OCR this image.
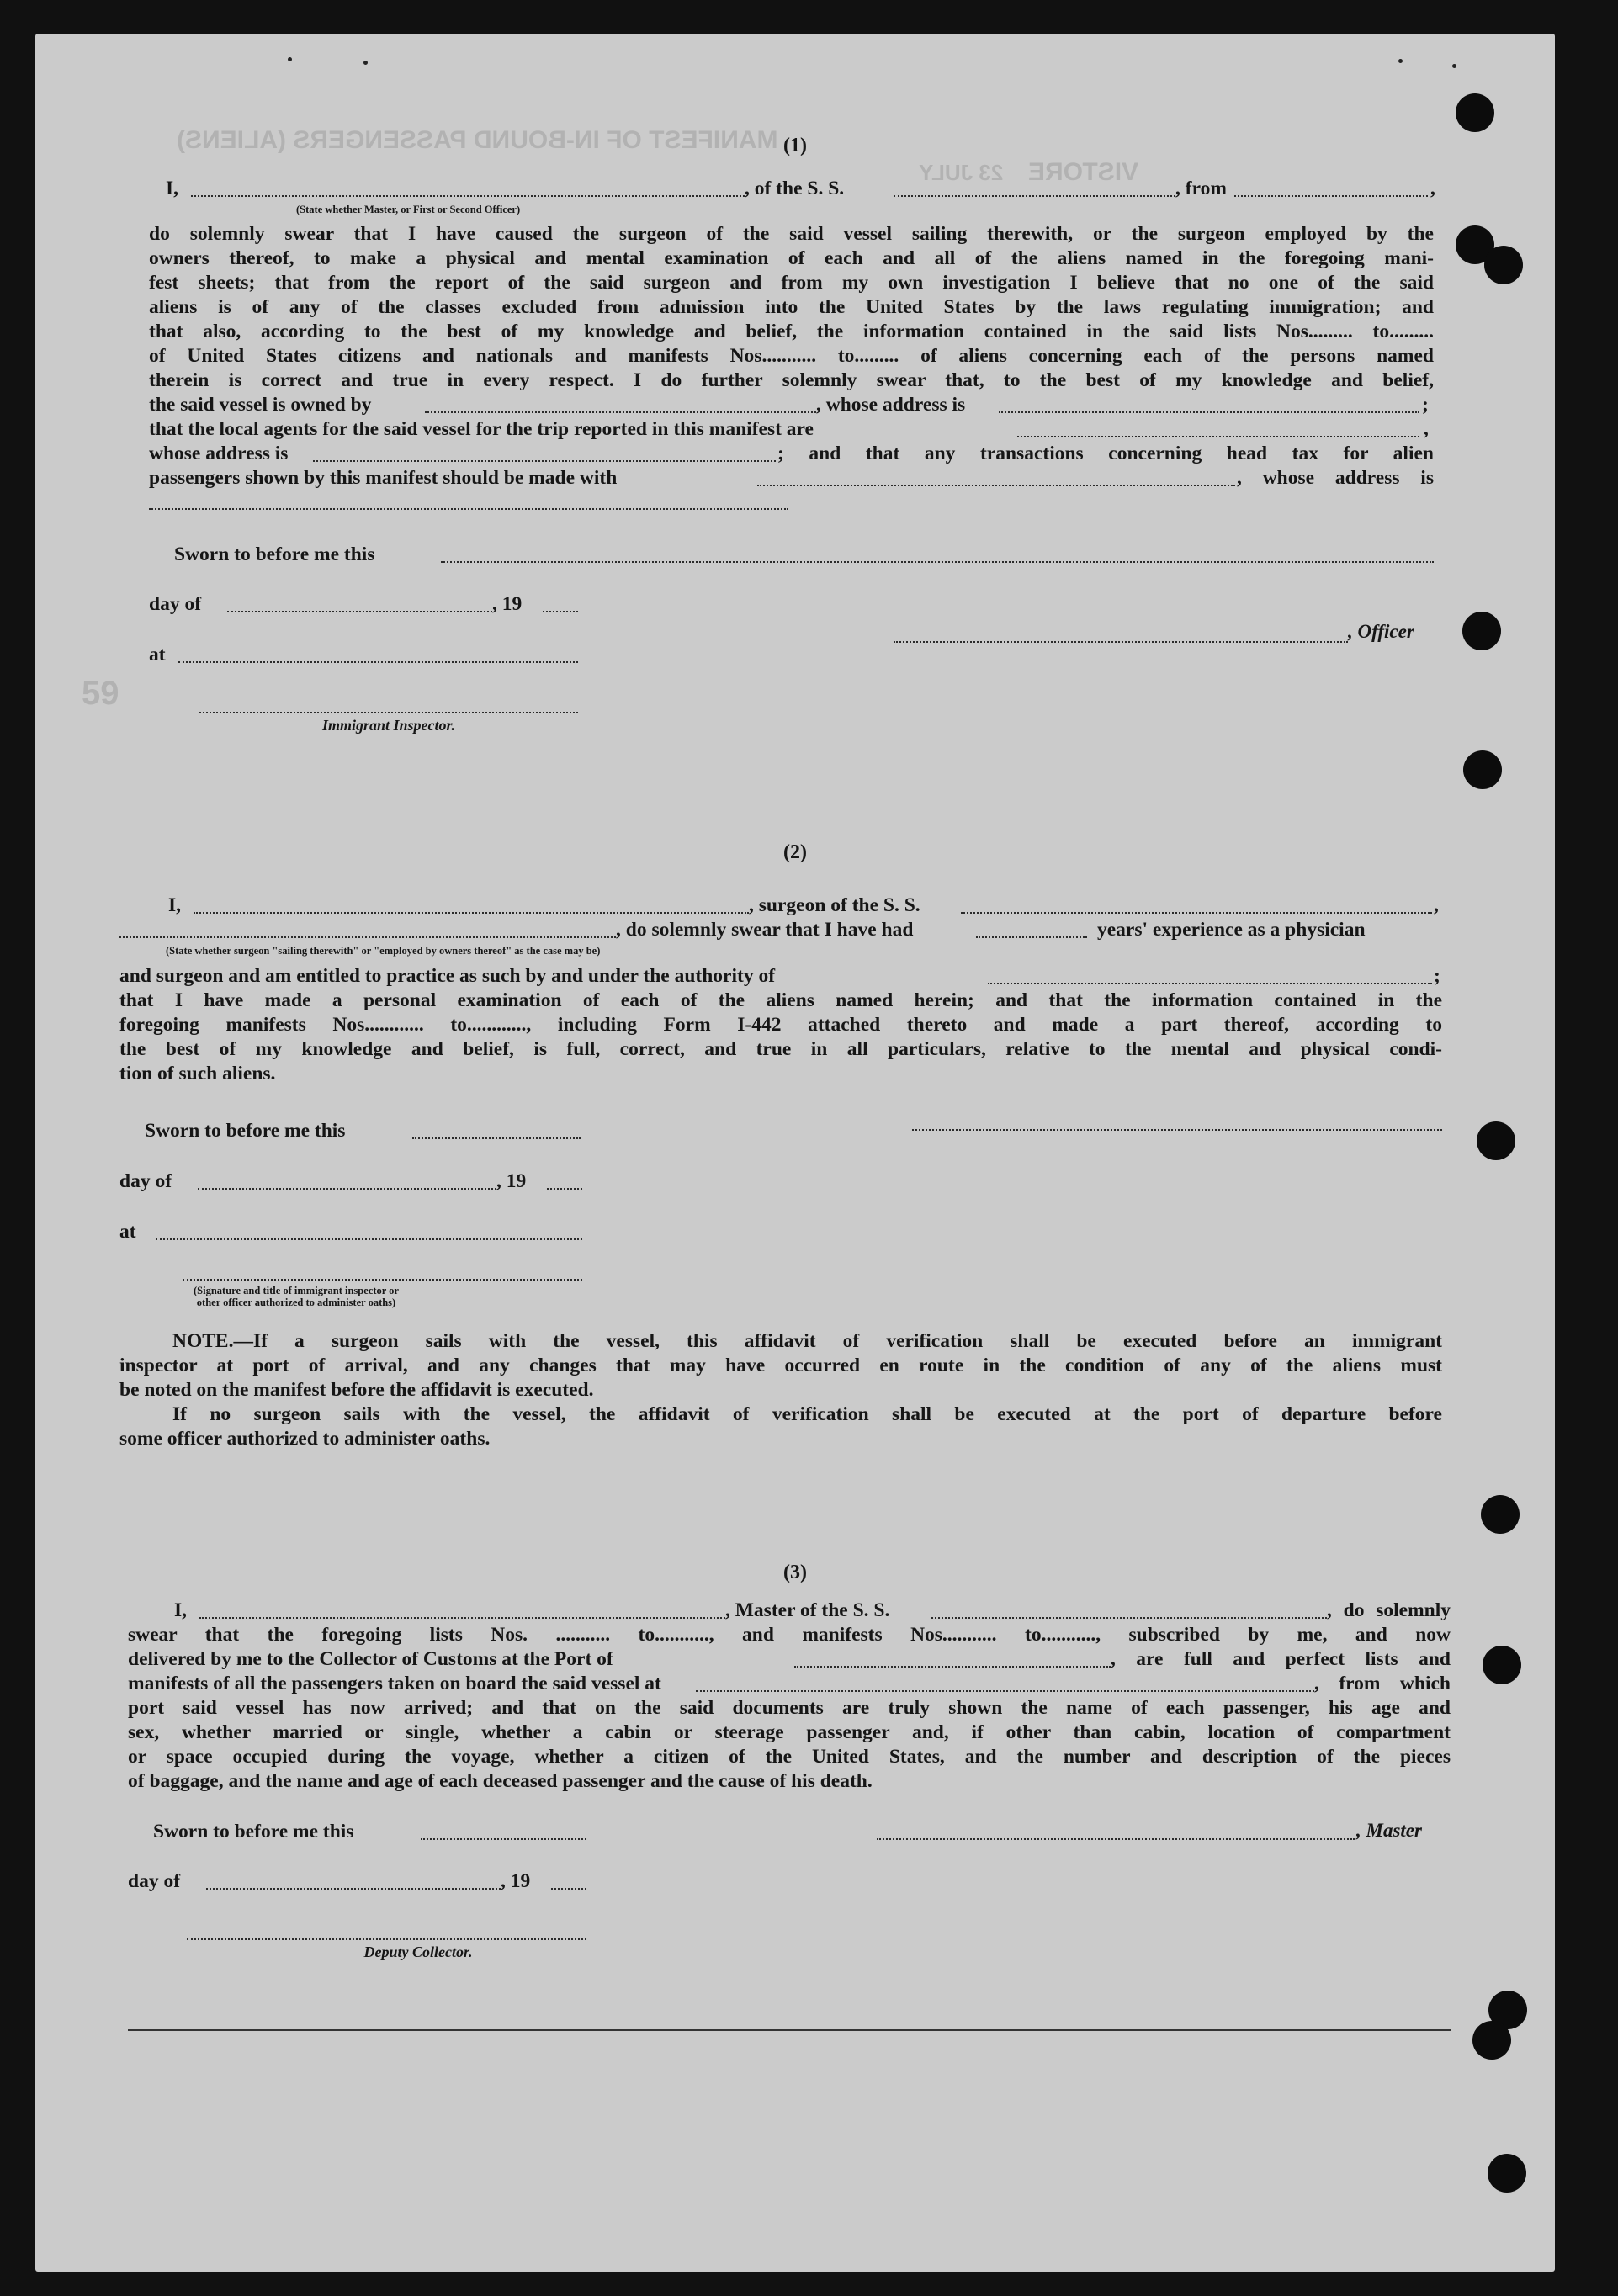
MANIFEST OF IN-BOUND PASSENGERS (ALIENS)
23 JULY VISTORE
59
(1)
I,	, of the S. S.	, from	,
(State whether Master, or First or Second Officer)
do solemnly swear that I have caused the surgeon of the said vessel sailing therewith, or the surgeon employed by the
owners thereof, to make a physical and mental examination of each and all of the aliens named in the foregoing mani-
fest sheets; that from the report of the said surgeon and from my own investigation I believe that no one of the said
aliens is of any of the classes excluded from admission into the United States by the laws regulating immigration; and
that also, according to the best of my knowledge and belief, the information contained in the said lists Nos......... to.........
of United States citizens and nationals and manifests Nos........... to......... of aliens concerning each of the persons named
therein is correct and true in every respect. I do further solemnly swear that, to the best of my knowledge and belief,
the said vessel is owned by	, whose address is	;
that the local agents for the said vessel for the trip reported in this manifest are	,
whose address is	; and that any transactions concerning head tax for alien
passengers shown by this manifest should be made with	, whose address is
Sworn to before me this
day of	, 19
, Officer
at
Immigrant Inspector.
(2)
I,	, surgeon of the S. S.	,
, do solemnly swear that I have had	years' experience as a physician
(State whether surgeon "sailing therewith" or "employed by owners thereof" as the case may be)
and surgeon and am entitled to practice as such by and under the authority of	;
that I have made a personal examination of each of the aliens named herein; and that the information contained in the
foregoing manifests Nos............ to............, including Form I-442 attached thereto and made a part thereof, according to
the best of my knowledge and belief, is full, correct, and true in all particulars, relative to the mental and physical condi-
tion of such aliens.
Sworn to before me this
day of	, 19
at
(Signature and title of immigrant inspector or other officer authorized to administer oaths)
NOTE.—If a surgeon sails with the vessel, this affidavit of verification shall be executed before an immigrant
inspector at port of arrival, and any changes that may have occurred en route in the condition of any of the aliens must
be noted on the manifest before the affidavit is executed.
If no surgeon sails with the vessel, the affidavit of verification shall be executed at the port of departure before
some officer authorized to administer oaths.
(3)
I,	, Master of the S. S.	, do solemnly
swear that the foregoing lists Nos. ........... to..........., and manifests Nos........... to..........., subscribed by me, and now
delivered by me to the Collector of Customs at the Port of	, are full and perfect lists and
manifests of all the passengers taken on board the said vessel at	, from which
port said vessel has now arrived; and that on the said documents are truly shown the name of each passenger, his age and
sex, whether married or single, whether a cabin or steerage passenger and, if other than cabin, location of compartment
or space occupied during the voyage, whether a citizen of the United States, and the number and description of the pieces
of baggage, and the name and age of each deceased passenger and the cause of his death.
Sworn to before me this	, Master
day of	, 19
Deputy Collector.
